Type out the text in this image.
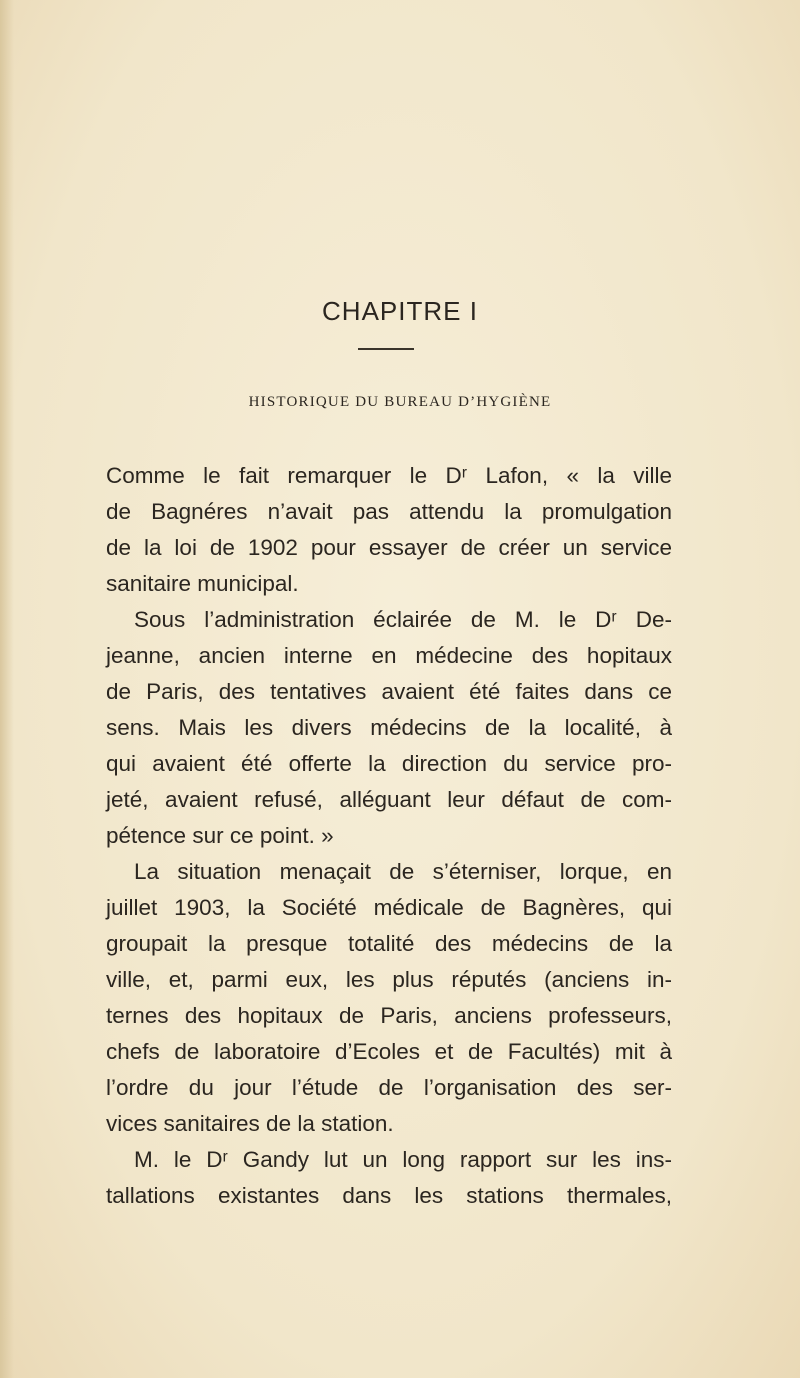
CHAPITRE I
HISTORIQUE DU BUREAU D’HYGIÈNE
Comme le fait remarquer le Dʳ Lafon, « la ville
de Bagnéres n’avait pas attendu la promulgation
de la loi de 1902 pour essayer de créer un service
sanitaire municipal.
Sous l’administration éclairée de M. le Dʳ De-
jeanne, ancien interne en médecine des hopitaux
de Paris, des tentatives avaient été faites dans ce
sens. Mais les divers médecins de la localité, à
qui avaient été offerte la direction du service pro-
jeté, avaient refusé, alléguant leur défaut de com-
pétence sur ce point. »
La situation menaçait de s’éterniser, lorque, en
juillet 1903, la Société médicale de Bagnères, qui
groupait la presque totalité des médecins de la
ville, et, parmi eux, les plus réputés (anciens in-
ternes des hopitaux de Paris, anciens professeurs,
chefs de laboratoire d’Ecoles et de Facultés) mit à
l’ordre du jour l’étude de l’organisation des ser-
vices sanitaires de la station.
M. le Dʳ Gandy lut un long rapport sur les ins-
tallations existantes dans les stations thermales,
